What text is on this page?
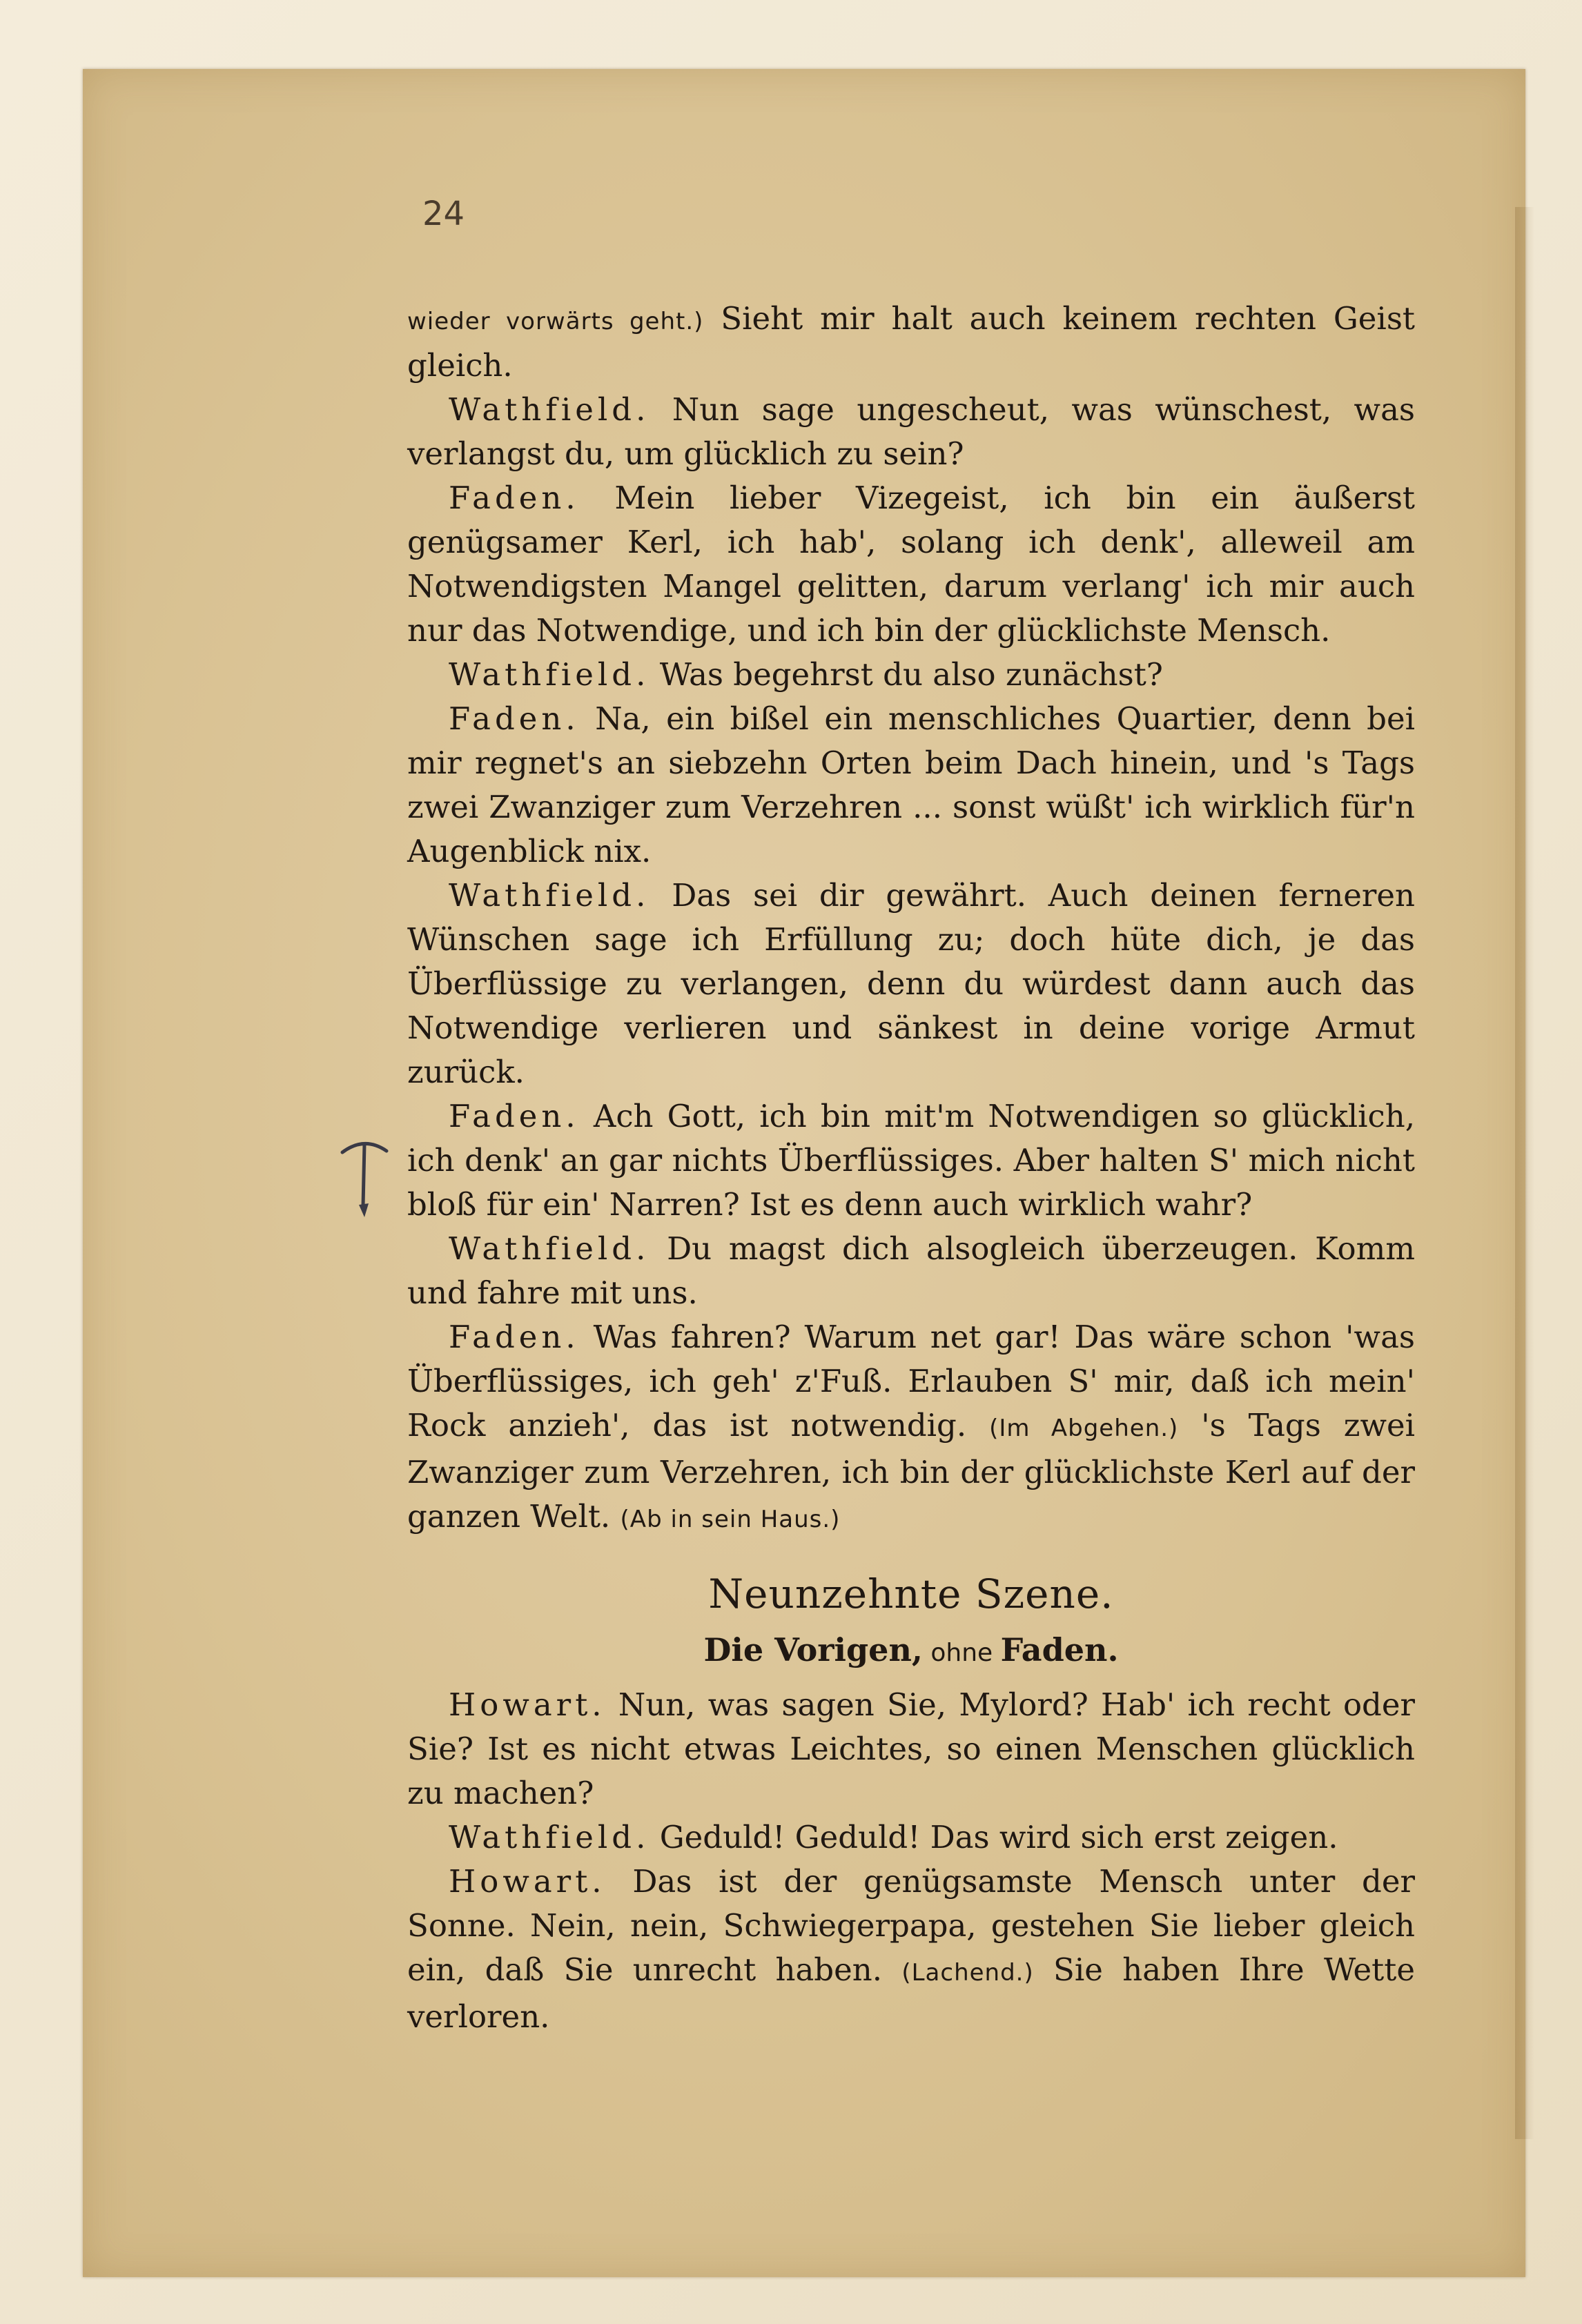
24

wieder vorwärts geht.) Sieht mir halt auch keinem rechten Geist gleich.

Wathfield. Nun sage ungescheut, was wünschest, was verlangst du, um glücklich zu sein?

Faden. Mein lieber Vizegeist, ich bin ein äußerst genügsamer Kerl, ich hab', solang ich denk', alleweil am Notwendigsten Mangel gelitten, darum verlang' ich mir auch nur das Notwendige, und ich bin der glücklichste Mensch.

Wathfield. Was begehrst du also zunächst?

Faden. Na, ein bißel ein menschliches Quartier, denn bei mir regnet's an siebzehn Orten beim Dach hinein, und 's Tags zwei Zwanziger zum Verzehren ... sonst wüßt' ich wirklich für'n Augenblick nix.

Wathfield. Das sei dir gewährt. Auch deinen ferneren Wünschen sage ich Erfüllung zu; doch hüte dich, je das Überflüssige zu verlangen, denn du würdest dann auch das Notwendige verlieren und sänkest in deine vorige Armut zurück.

Faden. Ach Gott, ich bin mit'm Notwendigen so glücklich, ich denk' an gar nichts Überflüssiges. Aber halten S' mich nicht bloß für ein' Narren? Ist es denn auch wirklich wahr?

Wathfield. Du magst dich alsogleich überzeugen. Komm und fahre mit uns.

Faden. Was fahren? Warum net gar! Das wäre schon 'was Überflüssiges, ich geh' z'Fuß. Erlauben S' mir, daß ich mein' Rock anzieh', das ist notwendig. (Im Abgehen.) 's Tags zwei Zwanziger zum Verzehren, ich bin der glücklichste Kerl auf der ganzen Welt. (Ab in sein Haus.)

Neunzehnte Szene.
Die Vorigen, ohne Faden.

Howart. Nun, was sagen Sie, Mylord? Hab' ich recht oder Sie? Ist es nicht etwas Leichtes, so einen Menschen glücklich zu machen?

Wathfield. Geduld! Geduld! Das wird sich erst zeigen.

Howart. Das ist der genügsamste Mensch unter der Sonne. Nein, nein, Schwiegerpapa, gestehen Sie lieber gleich ein, daß Sie unrecht haben. (Lachend.) Sie haben Ihre Wette verloren.
